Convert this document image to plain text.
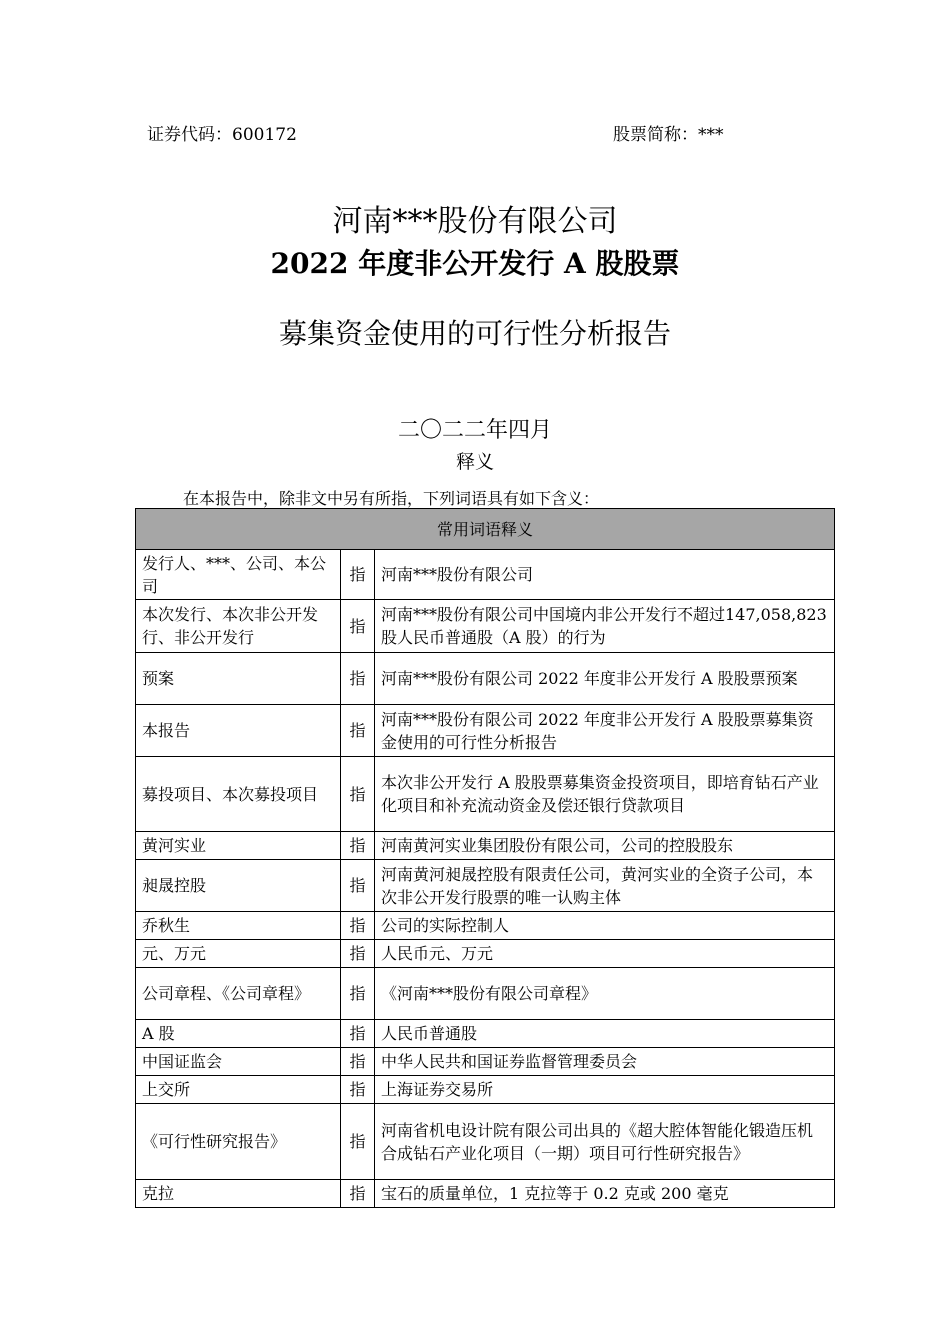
证券代码：600172	股票简称：***
河南***股份有限公司
2022 年度非公开发行 A 股股票
募集资金使用的可行性分析报告
二〇二二年四月
释义
在本报告中，除非文中另有所指，下列词语具有如下含义：
常用词语释义		
发行人、***、公司、本公司	指	河南***股份有限公司
本次发行、本次非公开发行、非公开发行	指	河南***股份有限公司中国境内非公开发行不超过147,058,823 股人民币普通股（A 股）的行为
预案	指	河南***股份有限公司 2022 年度非公开发行 A 股股票预案
本报告	指	河南***股份有限公司 2022 年度非公开发行 A 股股票募集资金使用的可行性分析报告
募投项目、本次募投项目	指	本次非公开发行 A 股股票募集资金投资项目，即培育钻石产业化项目和补充流动资金及偿还银行贷款项目
黄河实业	指	河南黄河实业集团股份有限公司，公司的控股股东
昶晟控股	指	河南黄河昶晟控股有限责任公司，黄河实业的全资子公司，本次非公开发行股票的唯一认购主体
乔秋生	指	公司的实际控制人
元、万元	指	人民币元、万元
公司章程、《公司章程》	指	《河南***股份有限公司章程》
A 股	指	人民币普通股
中国证监会	指	中华人民共和国证券监督管理委员会
上交所	指	上海证券交易所
《可行性研究报告》	指	河南省机电设计院有限公司出具的《超大腔体智能化锻造压机合成钻石产业化项目（一期）项目可行性研究报告》
克拉	指	宝石的质量单位，1 克拉等于 0.2 克或 200 毫克
